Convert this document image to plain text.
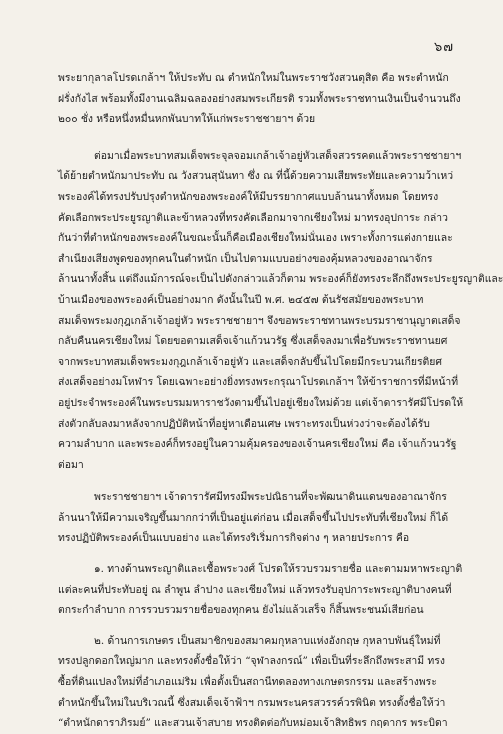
๖๗

พระยากุลาลโปรดเกล้าฯ ให้ประทับ ณ ตำหนักใหม่ในพระราชวังสวนดุสิต คือ พระตำหนัก
ฝรั่งกังไส พร้อมทั้งมีงานเฉลิมฉลองอย่างสมพระเกียรติ รวมทั้งพระราชทานเงินเป็นจำนวนถึง
๒๐๐ ชั่ง หรือหนึ่งหมื่นหกพันบาทให้แก่พระราชชายาฯ ด้วย

ต่อมาเมื่อพระบาทสมเด็จพระจุลจอมเกล้าเจ้าอยู่หัวเสด็จสวรรคตแล้วพระราชชายาฯ
ได้ย้ายตำหนักมาประทับ ณ วังสวนสุนันทา ซึ่ง ณ ที่นี้ด้วยความเสียพระทัยและความว้าเหว่
พระองค์ได้ทรงปรับปรุงตำหนักของพระองค์ให้มีบรรยากาศแบบล้านนาทั้งหมด โดยทรง
คัดเลือกพระประยูรญาติและข้าหลวงที่ทรงคัดเลือกมาจากเชียงใหม่ มาทรงอุปการะ กล่าว
กันว่าที่ตำหนักของพระองค์ในขณะนั้นก็คือเมืองเชียงใหม่นั่นเอง เพราะทั้งการแต่งกายและ
สำเนียงเสียงพูดของทุกคนในตำหนัก เป็นไปตามแบบอย่างของคุ้มหลวงของอาณาจักร
ล้านนาทั้งสิ้น แต่ถึงแม้การณ์จะเป็นไปดังกล่าวแล้วก็ตาม พระองค์ก็ยังทรงระลึกถึงพระประยูรญาติและ
บ้านเมืองของพระองค์เป็นอย่างมาก ดังนั้นในปี พ.ศ. ๒๔๕๗ ต้นรัชสมัยของพระบาท
สมเด็จพระมงกุฎเกล้าเจ้าอยู่หัว พระราชชายาฯ จึงขอพระราชทานพระบรมราชานุญาตเสด็จ
กลับคืนนครเชียงใหม่ โดยขอตามเสด็จเจ้าแก้วนวรัฐ ซึ่งเสด็จลงมาเพื่อรับพระราชทานยศ
จากพระบาทสมเด็จพระมงกุฎเกล้าเจ้าอยู่หัว และเสด็จกลับขึ้นไปโดยมีกระบวนเกียรติยศ
ส่งเสด็จอย่างมโหฬาร โดยเฉพาะอย่างยิ่งทรงพระกรุณาโปรดเกล้าฯ ให้ข้าราชการที่มีหน้าที่
อยู่ประจำพระองค์ในพระบรมมหาราชวังตามขึ้นไปอยู่เชียงใหม่ด้วย แต่เจ้าดารารัศมีโปรดให้
ส่งตัวกลับลงมาหลังจากปฏิบัติหน้าที่อยู่หาเดือนเศษ เพราะทรงเป็นห่วงว่าจะต้องได้รับ
ความลำบาก และพระองค์ก็ทรงอยู่ในความคุ้มครองของเจ้านครเชียงใหม่ คือ เจ้าแก้วนวรัฐ
ต่อมา

พระราชชายาฯ เจ้าดารารัศมีทรงมีพระปณิธานที่จะพัฒนาดินแดนของอาณาจักร
ล้านนาให้มีความเจริญขึ้นมากกว่าที่เป็นอยู่แต่ก่อน เมื่อเสด็จขึ้นไปประทับที่เชียงใหม่ ก็ได้
ทรงปฏิบัติพระองค์เป็นแบบอย่าง และได้ทรงริเริ่มการกิจต่าง ๆ หลายประการ คือ

๑. ทางด้านพระญาติและเชื้อพระวงศ์ โปรดให้รวบรวมรายชื่อ และตามมหาพระญาติ
แต่ละคนที่ประทับอยู่ ณ ลำพูน ลำปาง และเชียงใหม่ แล้วทรงรับอุปการะพระญาติบางคนที่
ตกระกำลำบาก การรวบรวมรายชื่อของทุกคน ยังไม่แล้วเสร็จ ก็สิ้นพระชนม์เสียก่อน

๒. ด้านการเกษตร เป็นสมาชิกของสมาคมกุหลาบแห่งอังกฤษ กุหลาบพันธุ์ใหม่ที่
ทรงปลูกดอกใหญ่มาก และทรงตั้งชื่อให้ว่า “จุฬาลงกรณ์” เพื่อเป็นที่ระลึกถึงพระสามี ทรง
ซื้อที่ดินแปลงใหม่ที่อำเภอแม่ริม เพื่อตั้งเป็นสถานีทดลองทางเกษตรกรรม และสร้างพระ
ตำหนักขึ้นใหม่ในบริเวณนี้ ซึ่งสมเด็จเจ้าฟ้าฯ กรมพระนครสวรรค์วรพินิต ทรงตั้งชื่อให้ว่า
“ตำหนักดาราภิรมย์” และสวนเจ้าสบาย ทรงติดต่อกับหม่อมเจ้าสิทธิพร กฤดากร พระบิดา
